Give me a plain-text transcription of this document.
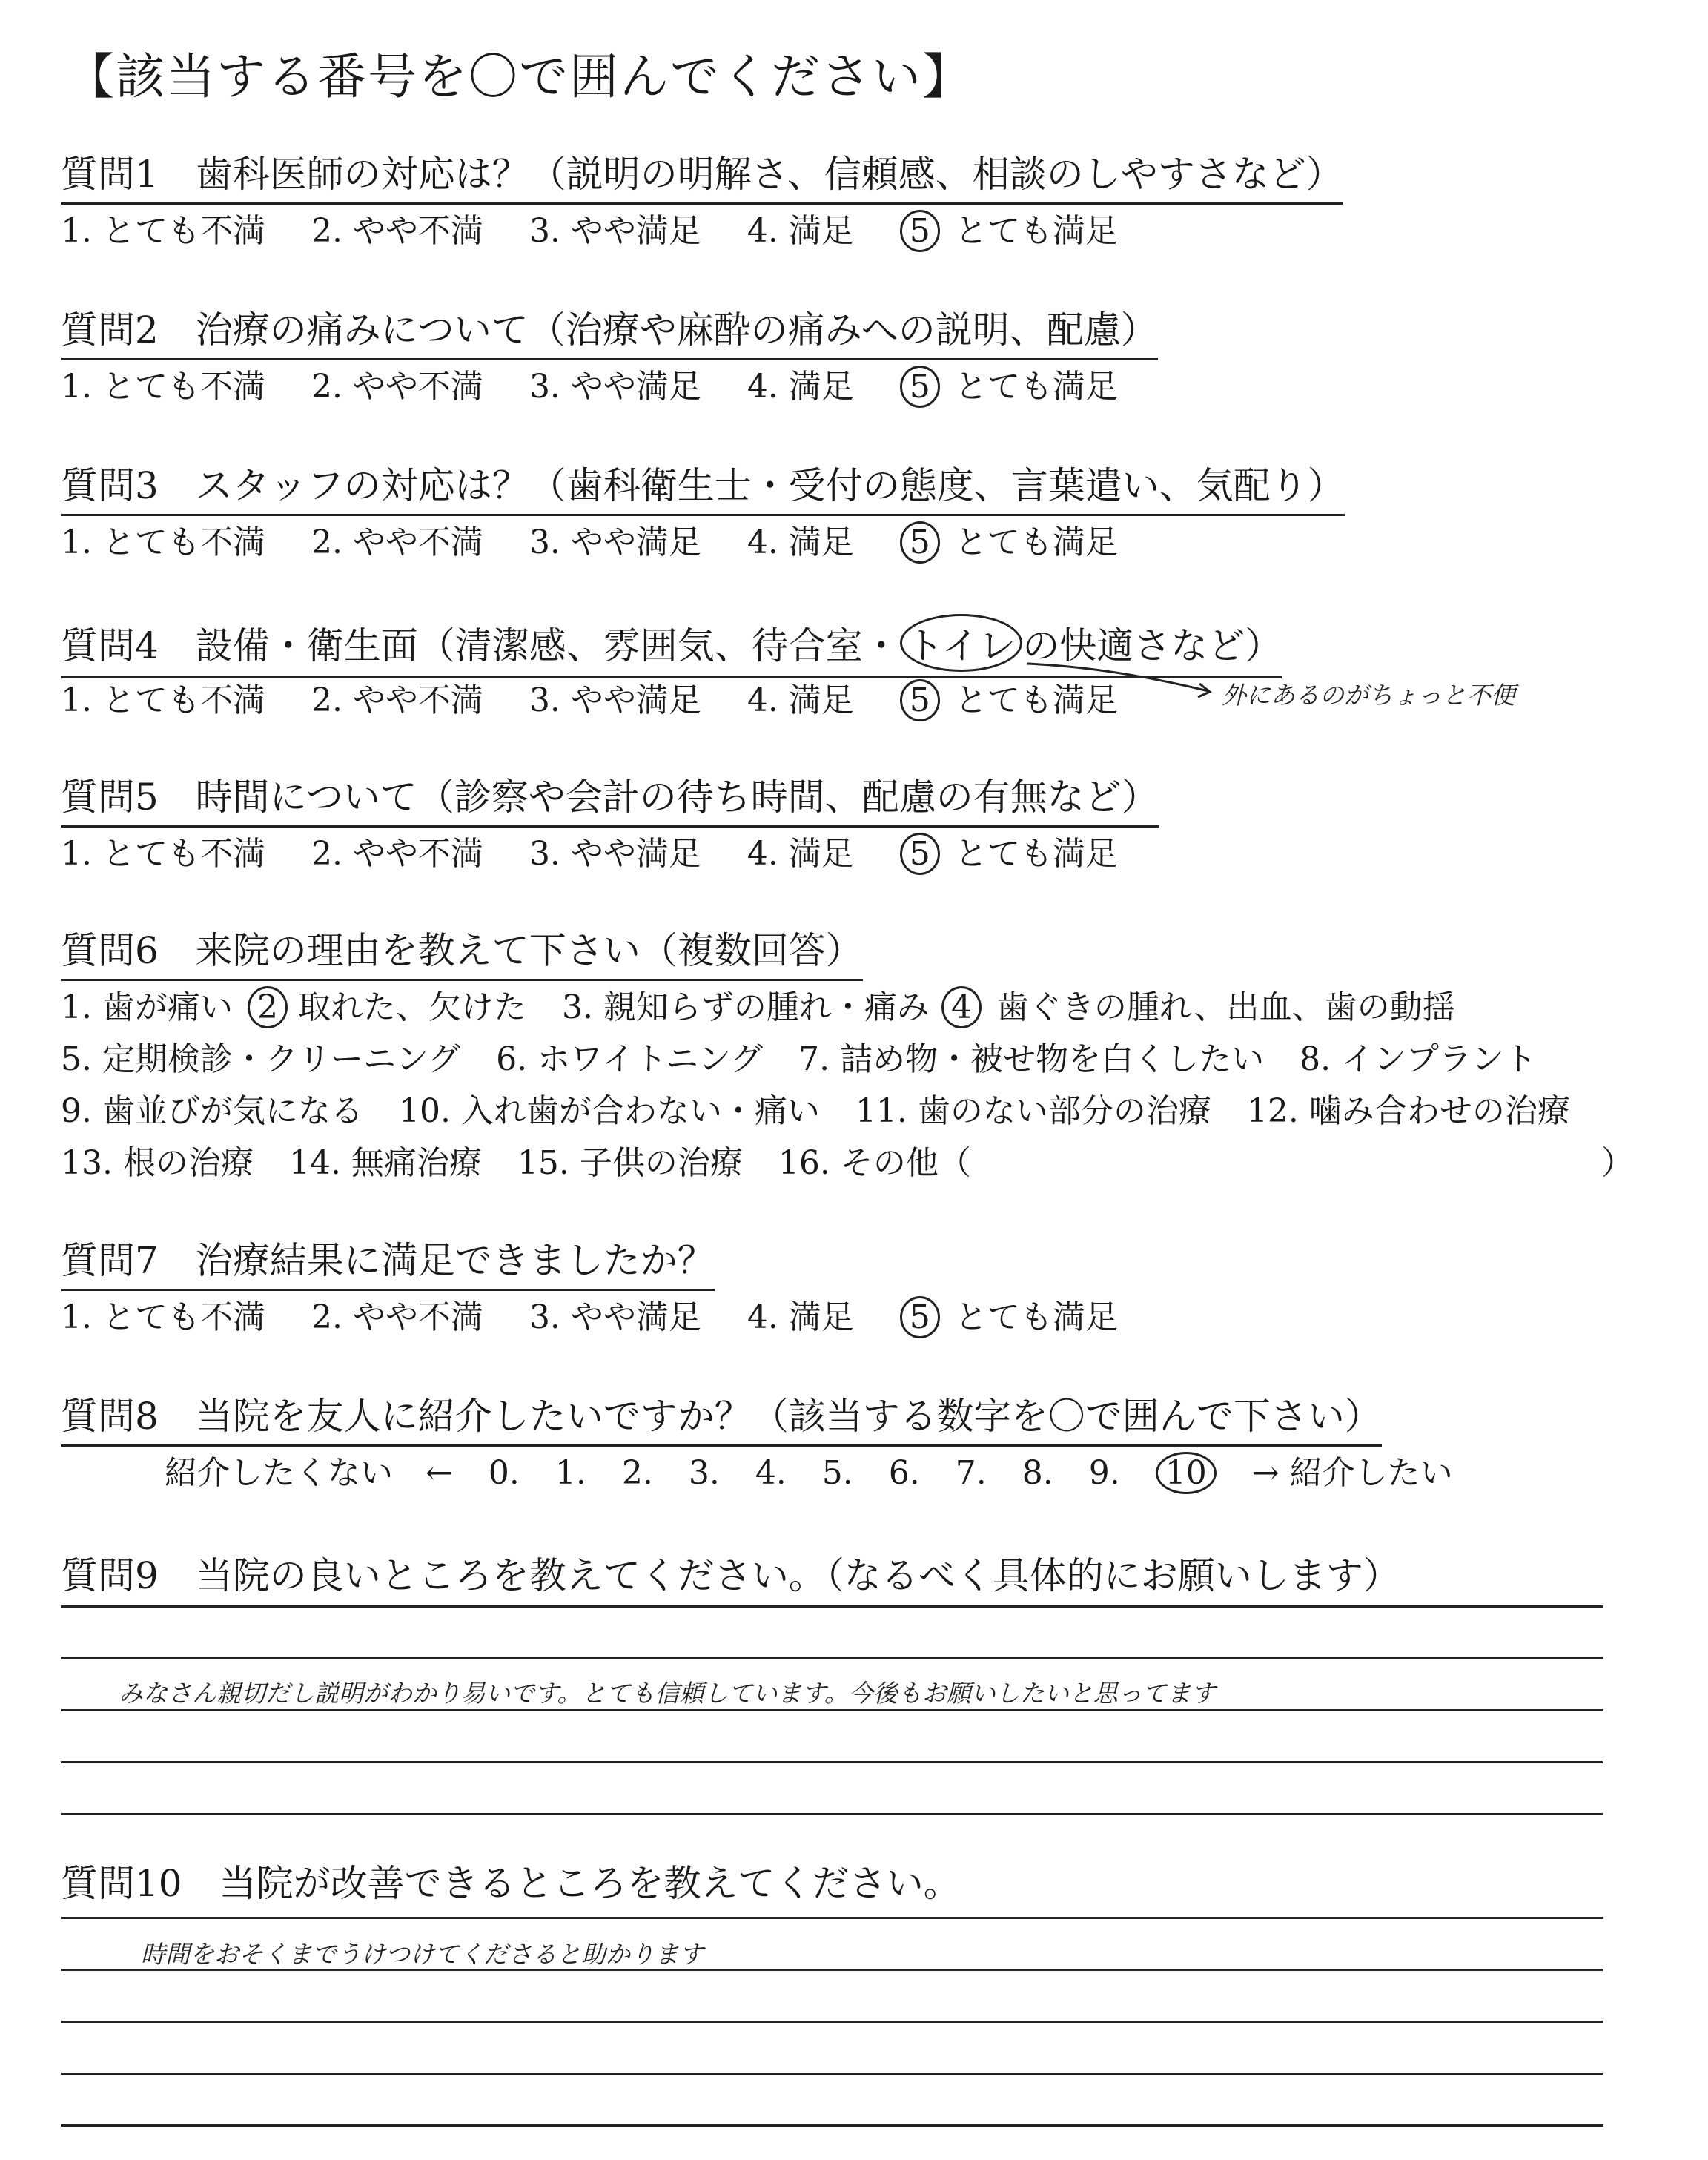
【該当する番号を〇で囲んでください】
質問1　歯科医師の対応は？（説明の明解さ、信頼感、相談のしやすさなど）
1. とても不満 2. やや不満 3. やや満足 4. 満足 5 とても満足
質問2　治療の痛みについて（治療や麻酔の痛みへの説明、配慮）
1. とても不満 2. やや不満 3. やや満足 4. 満足 5 とても満足
質問3　スタッフの対応は？（歯科衛生士・受付の態度、言葉遣い、気配り）
1. とても不満 2. やや不満 3. やや満足 4. 満足 5 とても満足
質問4　設備・衛生面（清潔感、雰囲気、待合室・ トイレ の快適さなど）
1. とても不満 2. やや不満 3. やや満足 4. 満足 5 とても満足	外にあるのがちょっと不便
質問5　時間について（診察や会計の待ち時間、配慮の有無など）
1. とても不満 2. やや不満 3. やや満足 4. 満足 5 とても満足
質問6　来院の理由を教えて下さい（複数回答）
1. 歯が痛い 2 取れた、欠けた 3. 親知らずの腫れ・痛み 4 歯ぐきの腫れ、出血、歯の動揺
5. 定期検診・クリーニング 6. ホワイトニング 7. 詰め物・被せ物を白くしたい 8. インプラント
9. 歯並びが気になる 10. 入れ歯が合わない・痛い 11. 歯のない部分の治療 12. 噛み合わせの治療
13. 根の治療 14. 無痛治療 15. 子供の治療 16. その他（	）
質問7　治療結果に満足できましたか？
1. とても不満 2. やや不満 3. やや満足 4. 満足 5 とても満足
質問8　当院を友人に紹介したいですか？（該当する数字を〇で囲んで下さい）
紹介したくない　← 0. 1. 2. 3. 4. 5. 6. 7. 8. 9. 10 → 紹介したい
質問9　当院の良いところを教えてください。（なるべく具体的にお願いします）
みなさん親切だし説明がわかり易いです。とても信頼しています。今後もお願いしたいと思ってます
質問10　当院が改善できるところを教えてください。
時間をおそくまでうけつけてくださると助かります
